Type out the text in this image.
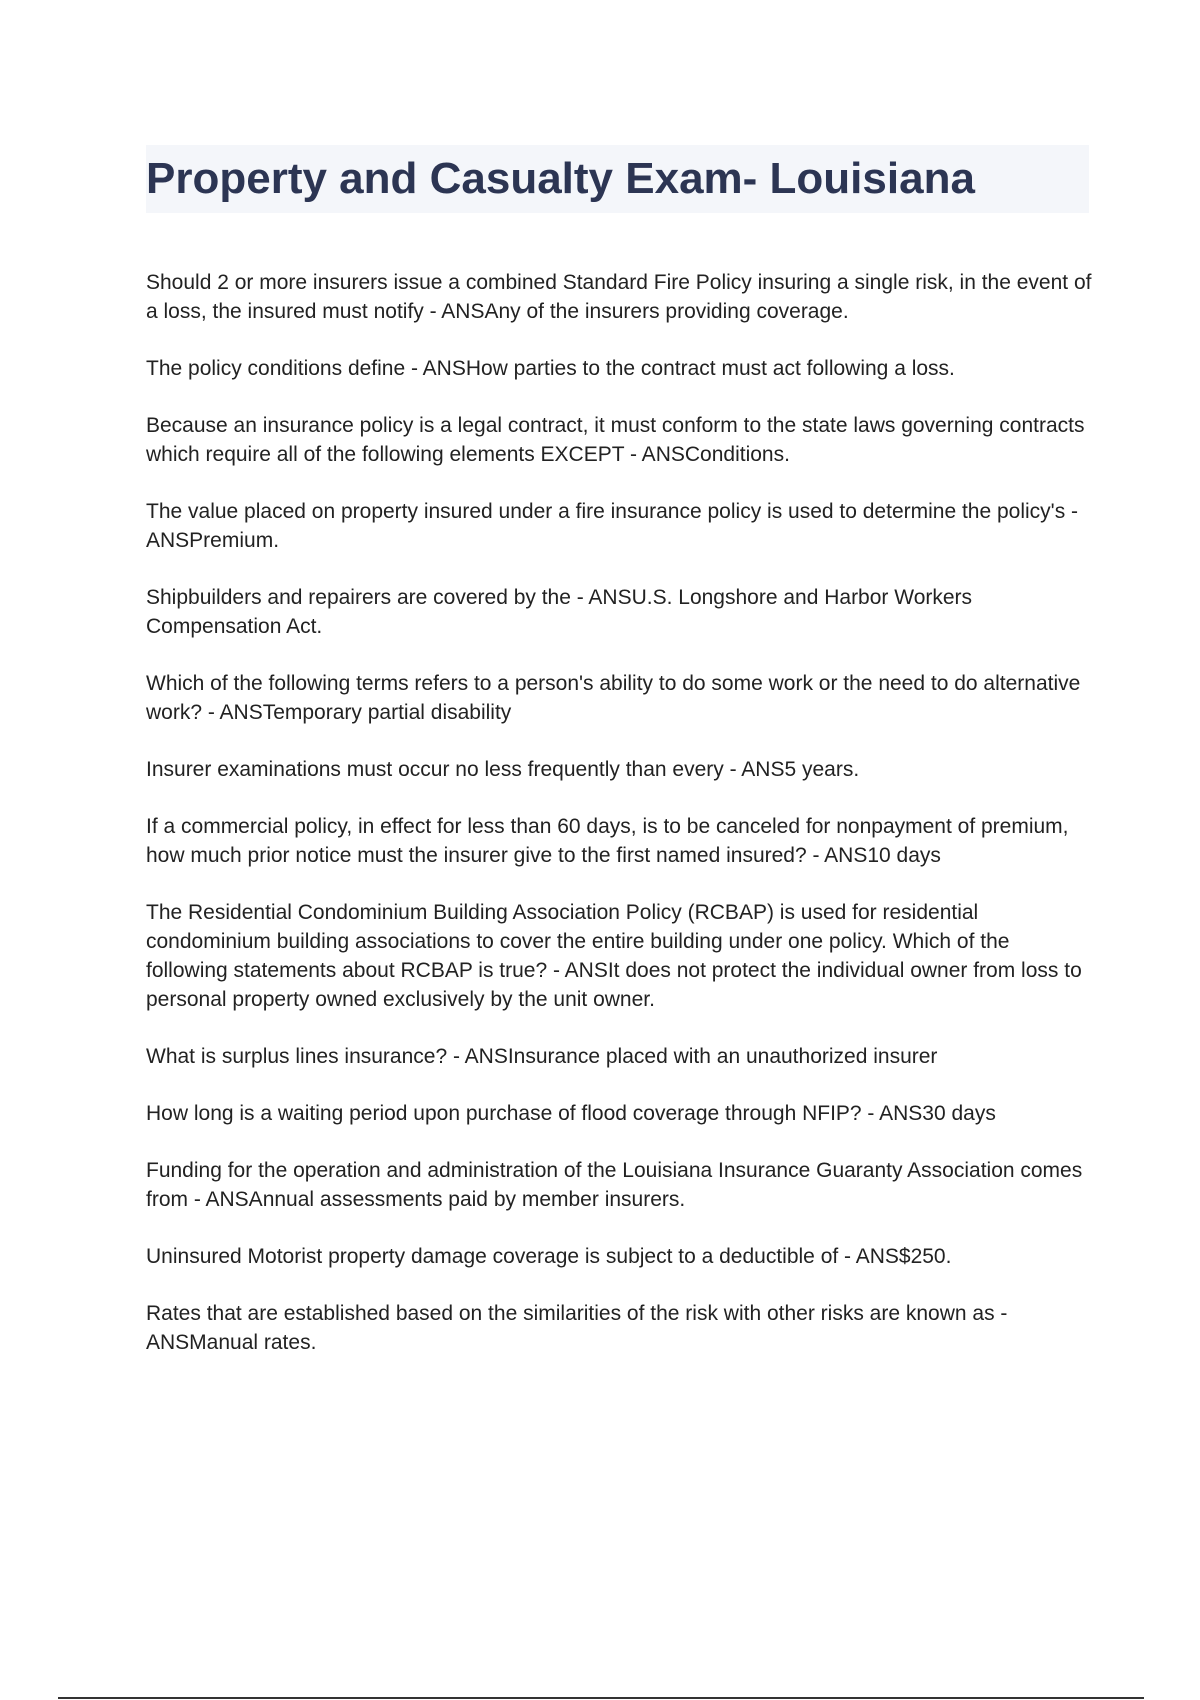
Property and Casualty Exam- Louisiana
Should 2 or more insurers issue a combined Standard Fire Policy insuring a single risk, in the event of a loss, the insured must notify - ANSAny of the insurers providing coverage.
The policy conditions define - ANSHow parties to the contract must act following a loss.
Because an insurance policy is a legal contract, it must conform to the state laws governing contracts which require all of the following elements EXCEPT - ANSConditions.
The value placed on property insured under a fire insurance policy is used to determine the policy's - ANSPremium.
Shipbuilders and repairers are covered by the - ANSU.S. Longshore and Harbor Workers Compensation Act.
Which of the following terms refers to a person's ability to do some work or the need to do alternative work? - ANSTemporary partial disability
Insurer examinations must occur no less frequently than every - ANS5 years.
If a commercial policy, in effect for less than 60 days, is to be canceled for nonpayment of premium, how much prior notice must the insurer give to the first named insured? - ANS10 days
The Residential Condominium Building Association Policy (RCBAP) is used for residential condominium building associations to cover the entire building under one policy. Which of the following statements about RCBAP is true? - ANSIt does not protect the individual owner from loss to personal property owned exclusively by the unit owner.
What is surplus lines insurance? - ANSInsurance placed with an unauthorized insurer
How long is a waiting period upon purchase of flood coverage through NFIP? - ANS30 days
Funding for the operation and administration of the Louisiana Insurance Guaranty Association comes from - ANSAnnual assessments paid by member insurers.
Uninsured Motorist property damage coverage is subject to a deductible of - ANS$250.
Rates that are established based on the similarities of the risk with other risks are known as - ANSManual rates.
